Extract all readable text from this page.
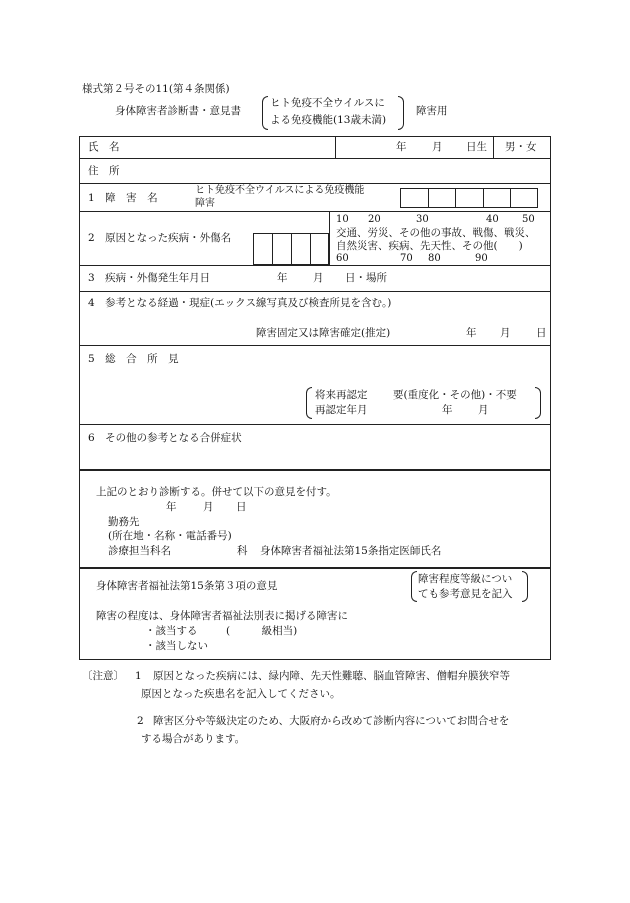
様式第２号その11(第４条関係)
身体障害者診断書・意見書
ヒト免疫不全ウイルスに
よる免疫機能(13歳未満)
障害用
氏　名	年 月 日生 男・女
住　所
1　障　害　名
ヒト免疫不全ウイルスによる免疫機能
障害
2　原因となった疾病・外傷名
10 20	30	40 50
交通、労災、その他の事故、戦傷、戦災、
自然災害、疾病、先天性、その他(　　)
60	70 80	90
3　疾病・外傷発生年月日	年 月 日・場所
4　参考となる経過・現症(エックス線写真及び検査所見を含む。)
障害固定又は障害確定(推定)	年 月 日
5　総　合　所　見
将来再認定 要(重度化・その他)・不要
再認定年月	年 月
6　その他の参考となる合併症状
上記のとおり診断する。併せて以下の意見を付す。
年	月 日
勤務先
(所在地・名称・電話番号)
診療担当科名	科 身体障害者福祉法第15条指定医師氏名
身体障害者福祉法第15条第３項の意見
障害程度等級につい
ても参考意見を記入
障害の程度は、身体障害者福祉法別表に掲げる障害に
・該当する	(　　　級相当)
・該当しない
〔注意〕 1 原因となった疾病には、緑内障、先天性難聴、脳血管障害、僧帽弁膜狭窄等
原因となった疾患名を記入してください。
2 障害区分や等級決定のため、大阪府から改めて診断内容についてお問合せを
する場合があります。
